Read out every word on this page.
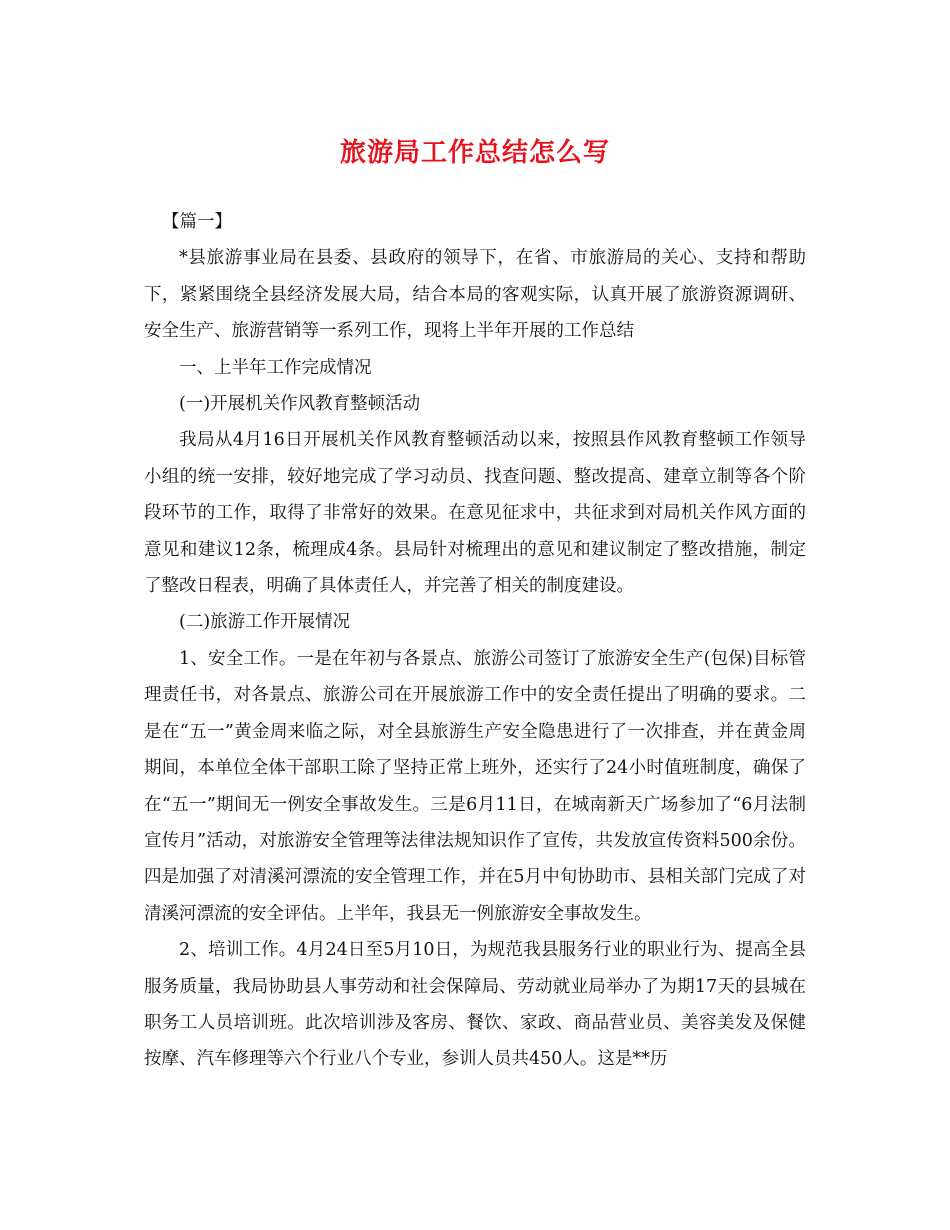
旅游局工作总结怎么写

【篇一】

*县旅游事业局在县委、县政府的领导下，在省、市旅游局的关心、支持和帮助下，紧紧围绕全县经济发展大局，结合本局的客观实际，认真开展了旅游资源调研、安全生产、旅游营销等一系列工作，现将上半年开展的工作总结

一、上半年工作完成情况

(一)开展机关作风教育整顿活动

我局从4月16日开展机关作风教育整顿活动以来，按照县作风教育整顿工作领导小组的统一安排，较好地完成了学习动员、找查问题、整改提高、建章立制等各个阶段环节的工作，取得了非常好的效果。在意见征求中，共征求到对局机关作风方面的意见和建议12条，梳理成4条。县局针对梳理出的意见和建议制定了整改措施，制定了整改日程表，明确了具体责任人，并完善了相关的制度建设。

(二)旅游工作开展情况

1、安全工作。一是在年初与各景点、旅游公司签订了旅游安全生产(包保)目标管理责任书，对各景点、旅游公司在开展旅游工作中的安全责任提出了明确的要求。二是在“五一”黄金周来临之际，对全县旅游生产安全隐患进行了一次排查，并在黄金周期间，本单位全体干部职工除了坚持正常上班外，还实行了24小时值班制度，确保了在“五一”期间无一例安全事故发生。三是6月11日，在城南新天广场参加了“6月法制宣传月”活动，对旅游安全管理等法律法规知识作了宣传，共发放宣传资料500余份。四是加强了对清溪河漂流的安全管理工作，并在5月中旬协助市、县相关部门完成了对清溪河漂流的安全评估。上半年，我县无一例旅游安全事故发生。

2、培训工作。4月24日至5月10日，为规范我县服务行业的职业行为、提高全县服务质量，我局协助县人事劳动和社会保障局、劳动就业局举办了为期17天的县城在职务工人员培训班。此次培训涉及客房、餐饮、家政、商品营业员、美容美发及保健按摩、汽车修理等六个行业八个专业，参训人员共450人。这是**历
